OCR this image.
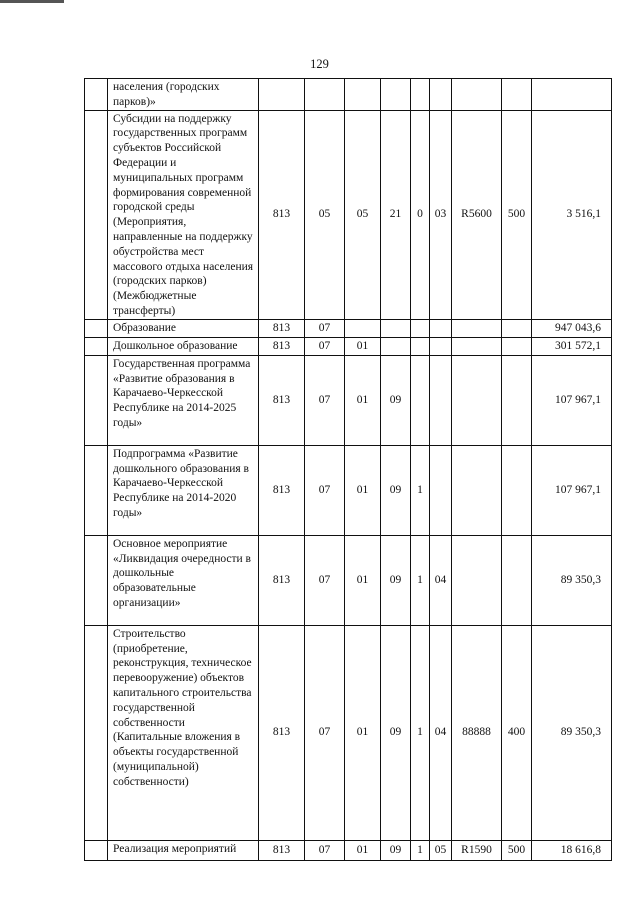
129
	населения (городских парков)»									
	Субсидии на поддержку государственных программ субъектов Российской Федерации и муниципальных программ формирования современной городской среды (Мероприятия, направленные на поддержку обустройства мест массового отдыха населения (городских парков) (Межбюджетные трансферты)	813	05	05	21	0	03	R5600	500	3 516,1
	Образование	813	07							947 043,6
	Дошкольное образование	813	07	01						301 572,1
	Государственная программа «Развитие образования в Карачаево-Черкесской Республике на 2014-2025 годы»	813	07	01	09					107 967,1
	Подпрограмма «Развитие дошкольного образования в Карачаево-Черкесской Республике на 2014-2020 годы»	813	07	01	09	1				107 967,1
	Основное мероприятие «Ликвидация очередности в дошкольные образовательные организации»	813	07	01	09	1	04			89 350,3
	Строительство (приобретение, реконструкция, техническое перевооружение) объектов капитального строительства государственной собственности (Капитальные вложения в объекты государственной (муниципальной) собственности)	813	07	01	09	1	04	88888	400	89 350,3
	Реализация мероприятий	813	07	01	09	1	05	R1590	500	18 616,8
